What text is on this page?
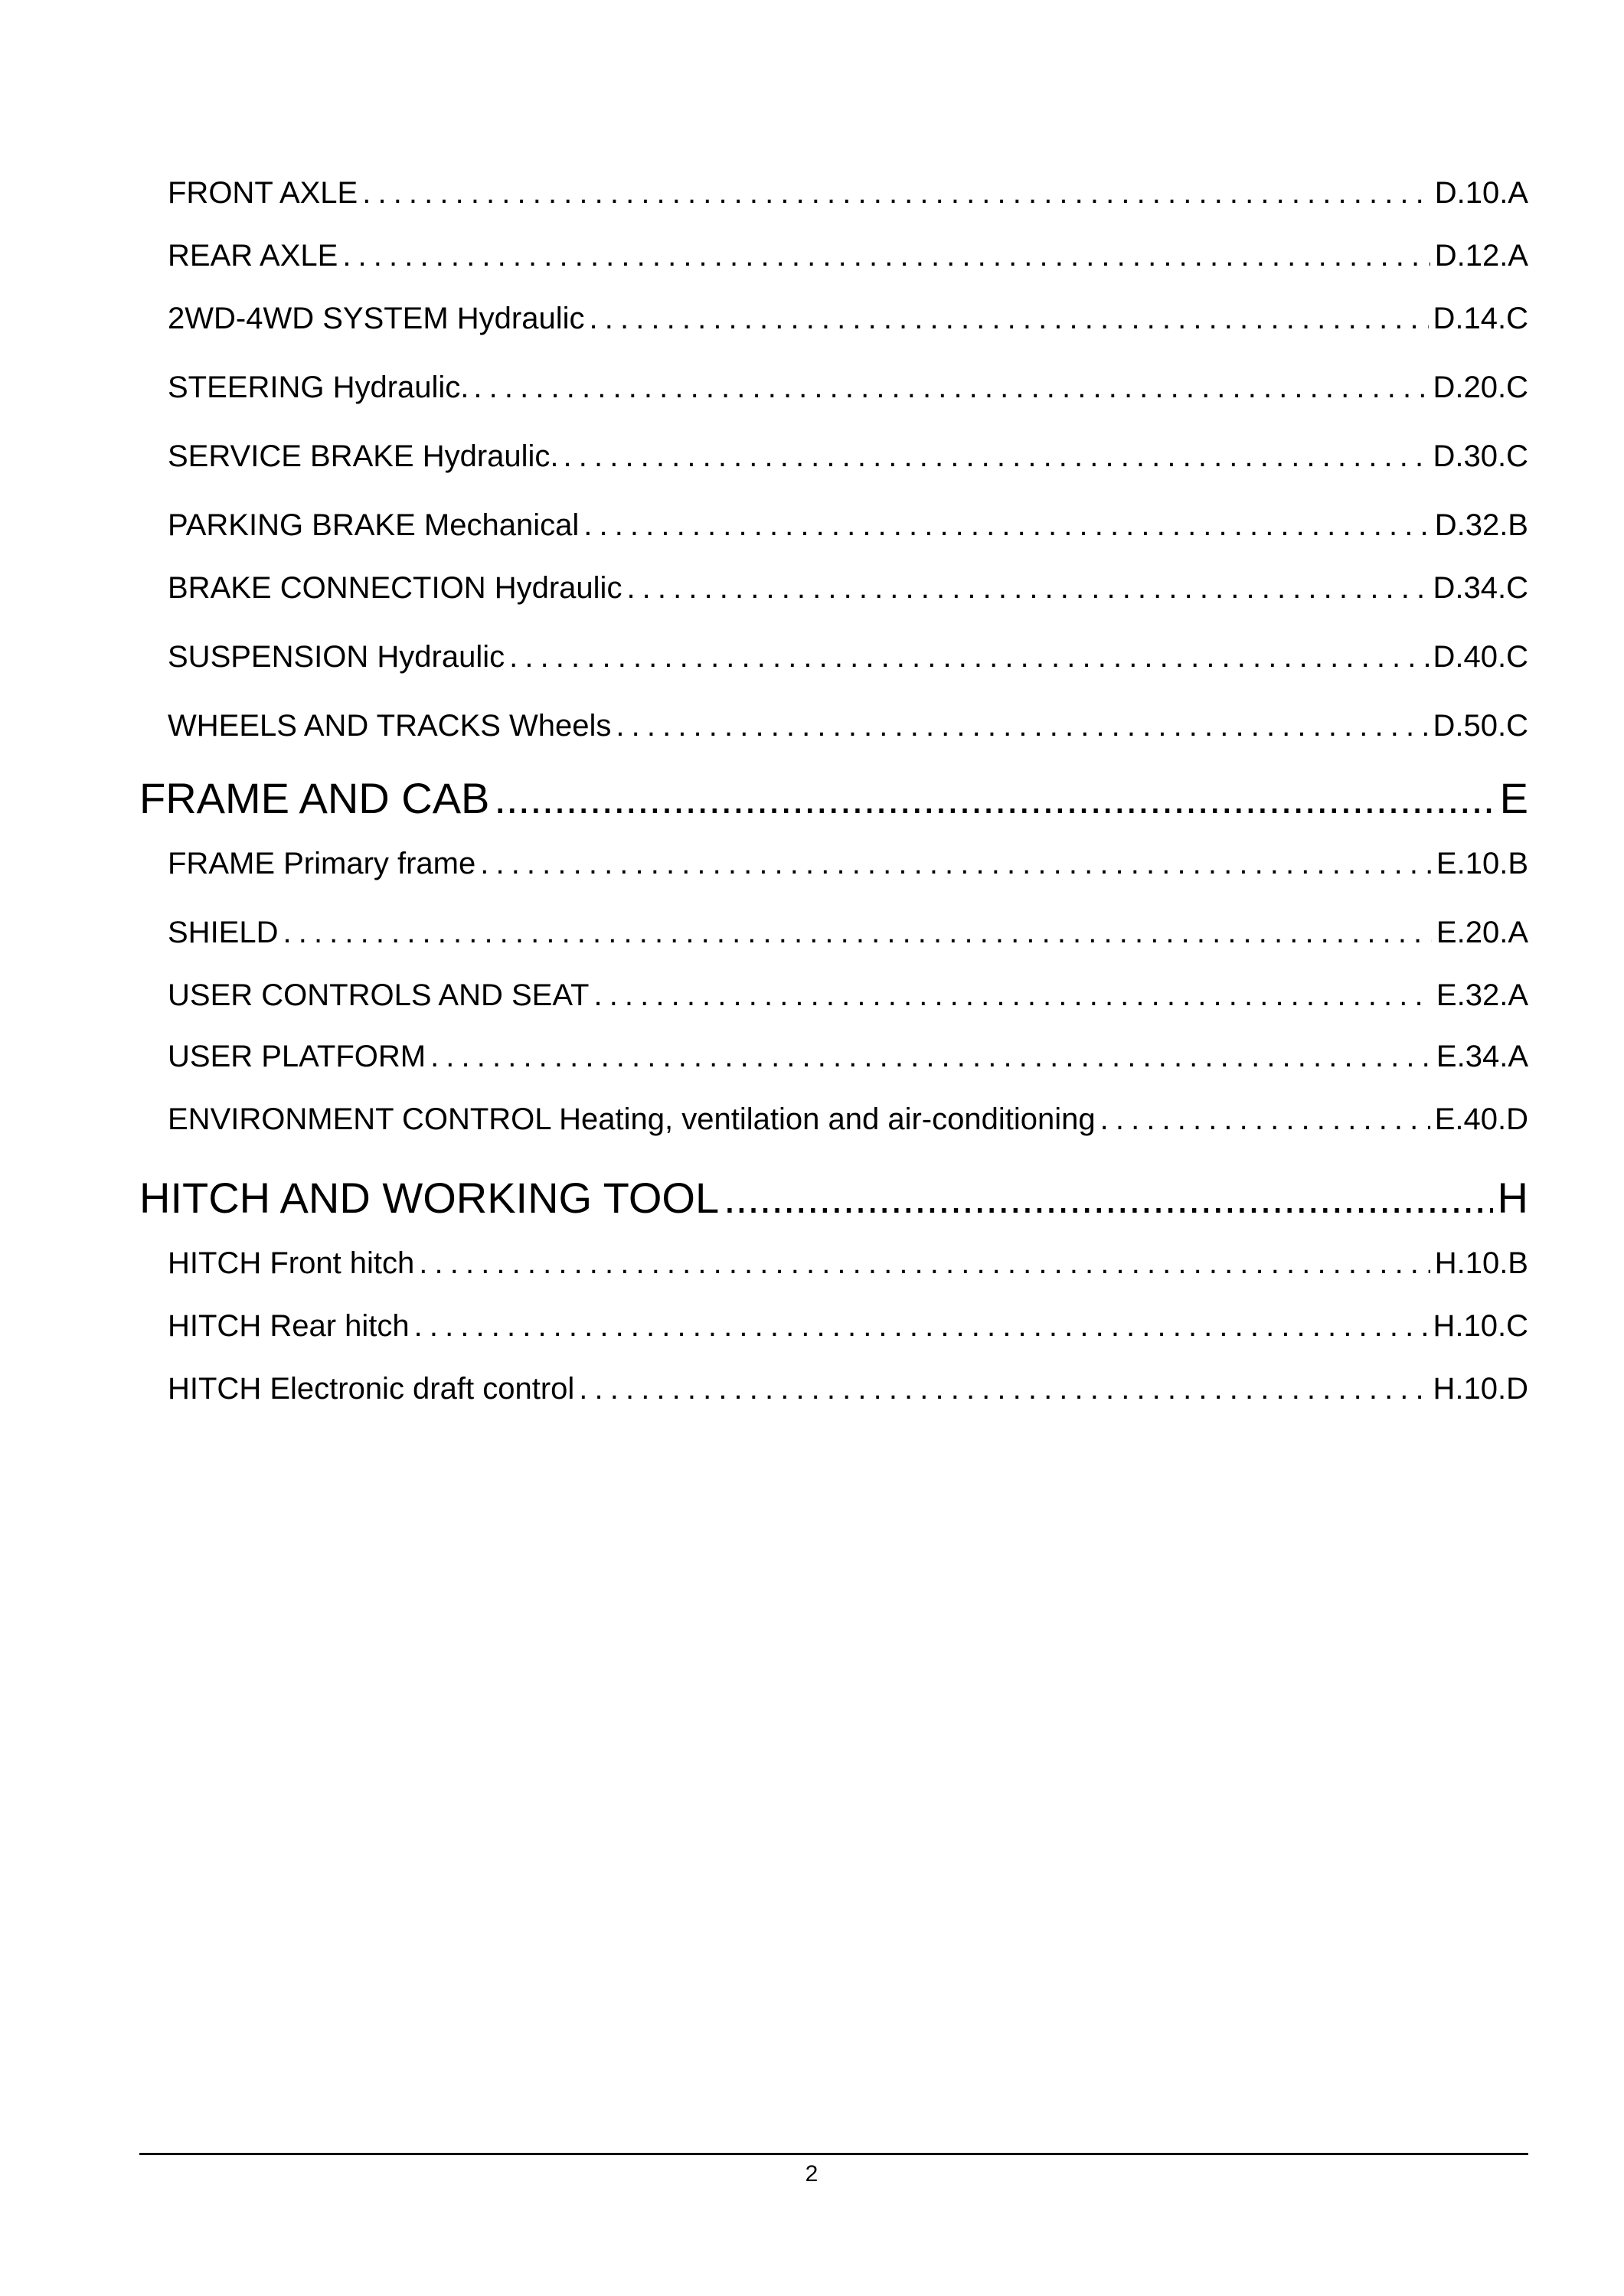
FRONT AXLE . . .	D.10.A
REAR AXLE . . .	D.12.A
2WD-4WD SYSTEM Hydraulic . . .	D.14.C
STEERING Hydraulic. . . .	D.20.C
SERVICE BRAKE Hydraulic. . . .	D.30.C
PARKING BRAKE Mechanical . . .	D.32.B
BRAKE CONNECTION Hydraulic . . .	D.34.C
SUSPENSION Hydraulic . . .	D.40.C
WHEELS AND TRACKS Wheels . . .	D.50.C
FRAME AND CAB .....	E
FRAME Primary frame . . .	E.10.B
SHIELD . . .	E.20.A
USER CONTROLS AND SEAT . . .	E.32.A
USER PLATFORM . . .	E.34.A
ENVIRONMENT CONTROL Heating, ventilation and air-conditioning . . .	E.40.D
HITCH AND WORKING TOOL .....	H
HITCH Front hitch . . .	H.10.B
HITCH Rear hitch . . .	H.10.C
HITCH Electronic draft control . . .	H.10.D
2
